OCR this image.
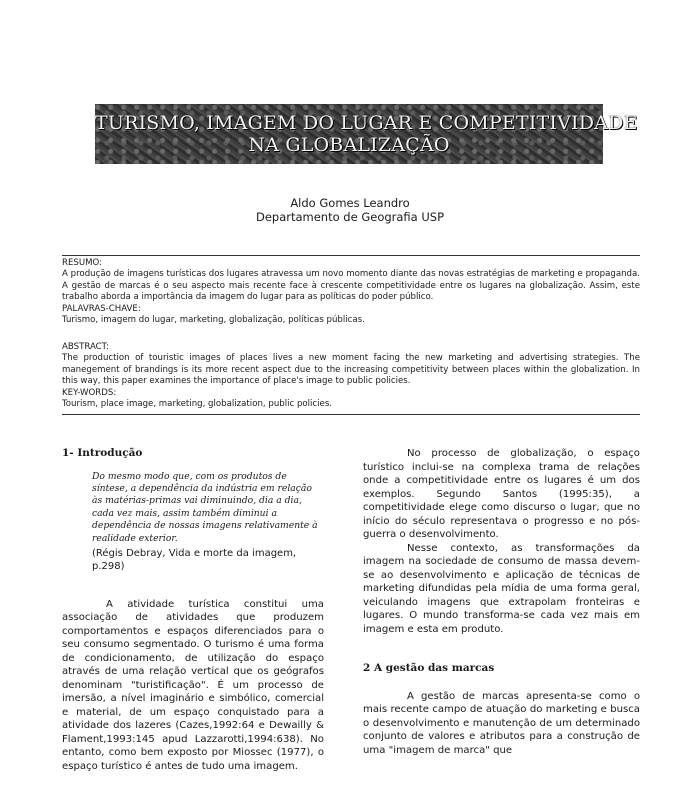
TURISMO, IMAGEM DO LUGAR E COMPETITIVIDADE
NA GLOBALIZAÇÃO
Aldo Gomes Leandro
Departamento de Geografia USP
RESUMO:

A produção de imagens turísticas dos lugares atravessa um novo momento diante das novas estratégias de marketing e propaganda. A gestão de marcas é o seu aspecto mais recente face à crescente competitividade entre os lugares na globalização. Assim, este trabalho aborda a importância da imagem do lugar para as políticas do poder público.

PALAVRAS-CHAVE:

Turismo, imagem do lugar, marketing, globalização, políticas públicas.

ABSTRACT:

The production of touristic images of places lives a new moment facing the new marketing and advertising strategies. The manegement of brandings is its more recent aspect due to the increasing competitivity between places within the globalization. In this way, this paper examines the importance of place's image to public policies.

KEY-WORDS:

Tourism, place image, marketing, globalization, public policies.

1- Introdução

Do mesmo modo que, com os produtos de síntese, a dependência da indústria em relação às matérias-primas vai diminuindo, dia a dia, cada vez mais, assim também diminui a dependência de nossas imagens relativamente à realidade exterior.
(Régis Debray, Vida e morte da imagem, p.298)

A atividade turística constitui uma associação de atividades que produzem comportamentos e espaços diferenciados para o seu consumo segmentado. O turismo é uma forma de condicionamento, de utilização do espaço através de uma relação vertical que os geógrafos denominam "turistificação". É um processo de imersão, a nível imaginário e simbólico, comercial e material, de um espaço conquistado para a atividade dos lazeres (Cazes,1992:64 e Dewailly & Flament,1993:145 apud Lazzarotti,1994:638). No entanto, como bem exposto por Miossec (1977), o espaço turístico é antes de tudo uma imagem.

No processo de globalização, o espaço turístico inclui-se na complexa trama de relações onde a competitividade entre os lugares é um dos exemplos. Segundo Santos (1995:35), a competitividade elege como discurso o lugar, que no início do século representava o progresso e no pós-guerra o desenvolvimento.

Nesse contexto, as transformações da imagem na sociedade de consumo de massa devem-se ao desenvolvimento e aplicação de técnicas de marketing difundidas pela mídia de uma forma geral, veiculando imagens que extrapolam fronteiras e lugares. O mundo transforma-se cada vez mais em imagem e esta em produto.

2 A gestão das marcas

A gestão de marcas apresenta-se como o mais recente campo de atuação do marketing e busca o desenvolvimento e manutenção de um determinado conjunto de valores e atributos para a construção de uma "imagem de marca" que
